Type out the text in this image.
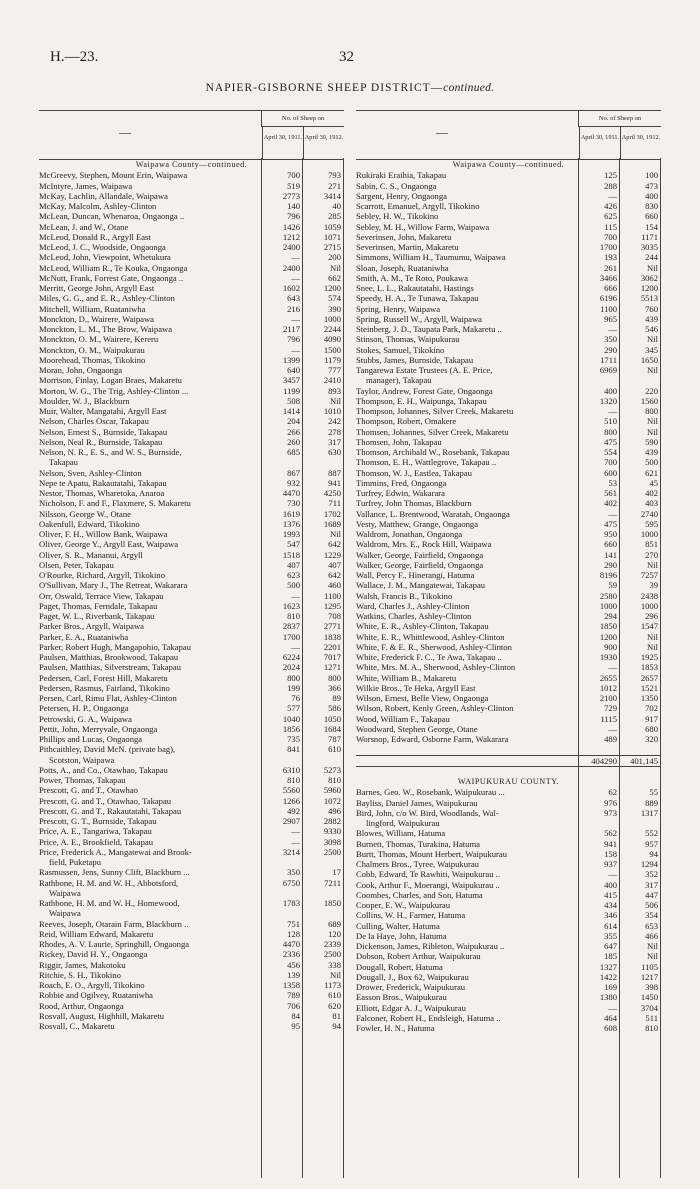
H.—23.	32
NAPIER-GISBORNE SHEEP DISTRICT—continued.
—
No. of Sheep on
April 30, 1911. April 30, 1912.
Waipawa County—continued.
McGreevy, Stephen, Mount Erin, Waipawa	700	793
McIntyre, James, Waipawa	519	271
McKay, Lachlin, Allandale, Waipawa	2773	3414
McKay, Malcolm, Ashley-Clinton	140	40
McLean, Duncan, Whenaroa, Ongaonga ..	796	285
McLean, J. and W., Otane	1426	1059
McLeod, Donald R., Argyll East	1212	1071
McLeod, J. C., Woodside, Ongaonga	2400	2715
McLeod, John, Viewpoint, Whetukura	—	200
McLeod, William R., Te Kouka, Ongaonga	2400	Nil
McNutt, Frank, Forrest Gate, Ongaonga ..	—	662
Merritt, George John, Argyll East	1602	1200
Miles, G. G., and E. R., Ashley-Clinton	643	574
Mitchell, William, Ruataniwha	216	390
Monckton, D., Wairere, Waipawa	—	1000
Monckton, L. M., The Brow, Waipawa	2117	2244
Monckton, O. M., Wairere, Kereru	796	4090
Monckton, O. M., Waipukurau	—	1500
Moorehead, Thomas, Tikokino	1399	1179
Moran, John, Ongaonga	640	777
Morrison, Finlay, Logan Braes, Makaretu	3457	2410
Morton, W. G., The Trig, Ashley-Clinton ...	1199	893
Moulder, W. J., Blackburn	508	Nil
Muir, Walter, Mangatahi, Argyll East	1414	1010
Nelson, Charles Oscar, Takapau	204	242
Nelson, Ernest S., Burnside, Takapau	266	278
Nelson, Neal R., Burnside, Takapau	260	317
Nelson, N. R., E. S., and W. S., Burnside,	685	630
Takapau
Nelson, Sven, Ashley-Clinton	867	887
Nepe te Apatu, Rakautatahi, Takapau	932	941
Nestor, Thomas, Wharetoka, Anaroa	4470	4250
Nicholson, F. and F., Flaxmere, S. Makaretu	730	711
Nilsson, George W., Otane	1619	1702
Oakenfull, Edward, Tikokino	1376	1689
Oliver, F. H., Willow Bank, Waipawa	1993	Nil
Oliver, George Y., Argyll East, Waipawa	547	642
Oliver, S. R., Mananui, Argyll	1518	1229
Olsen, Peter, Takapau	407	407
O'Rourke, Richard, Argyll, Tikokino	623	642
O'Sullivan, Mary J., The Retreat, Wakarara	500	460
Orr, Oswald, Terrace View, Takapau	—	1100
Paget, Thomas, Ferndale, Takapau	1623	1295
Paget, W. L., Riverbank, Takapau	810	708
Parker Bros., Argyll, Waipawa	2837	2771
Parker, E. A., Ruataniwha	1700	1838
Parker, Robert Hugh, Mangapohio, Takapau	—	2201
Paulsen, Matthias, Brookwood, Takapau	6224	7017
Paulsen, Matthias, Silverstream, Takapau	2024	1271
Pedersen, Carl, Forest Hill, Makaretu	800	800
Pedersen, Rasmus, Fairland, Tikokino	199	366
Persen, Carl, Rimu Flat, Ashley-Clinton	76	89
Petersen, H. P., Ongaonga	577	586
Petrowski, G. A., Waipawa	1040	1050
Pettit, John, Merryvale, Ongaonga	1856	1684
Phillips and Lucas, Ongaonga	735	787
Pithcaithley, David McN. (private bag),	841	610
Scotston, Waipawa
Potts, A., and Co., Otawhao, Takapau	6310	5273
Power, Thomas, Takapau	810	810
Prescott, G. and T., Otawhao	5560	5960
Prescott, G. and T., Otawhao, Takapau	1266	1072
Prescott, G. and T., Rakautatahi, Takapau	492	496
Prescott, G. T., Burnside, Takapau	2907	2882
Price, A. E., Tangariwa, Takapau	—	9330
Price, A. E., Brookfield, Takapau	—	3098
Price, Frederick A., Mangatewai and Brook-	3214	2500
field, Puketapu
Rasmussen, Jens, Sunny Clift, Blackburn ...	350	17
Rathbone, H. M. and W. H., Abbotsford,	6750	7211
Waipawa
Rathbone, H. M. and W. H., Homewood,	1783	1850
Waipawa
Reeves, Joseph, Otarain Farm, Blackburn ..	751	689
Reid, William Edward, Makaretu	128	120
Rhodes, A. V. Laurie, Springhill, Ongaonga	4470	2339
Rickey, David H. Y., Ongaonga	2336	2500
Riggir, James, Makotoku	456	338
Ritchie, S. H., Tikokino	139	Nil
Roach, E. O., Argyll, Tikokino	1358	1173
Robbie and Ogilvey, Ruataniwha	789	610
Rood, Arthur, Ongaonga	706	620
Rosvall, August, Highhill, Makaretu	84	81
Rosvall, C., Makaretu	95	94
—
No. of Sheep on
April 30, 1911. April 30, 1912.
Waipawa County—continued.
Rukiraki Eraihia, Takapau	125	100
Sabin, C. S., Ongaonga	288	473
Sargent, Henry, Ongaonga	—	400
Scarrott, Emanuel, Argyll, Tikokino	426	830
Sebley, H. W., Tikokino	625	660
Sebley, M. H., Willow Farm, Waipawa	115	154
Severinsen, John, Makaretu	700	1171
Severinsen, Martin, Makaretu	1700	3035
Simmons, William H., Taumumu, Waipawa	193	244
Sloan, Joseph, Ruataniwha	261	Nil
Smith, A. M., Te Roto, Poukawa	3466	3062
Snee, L. L., Rakautatahi, Hastings	666	1200
Speedy, H. A., Te Tunawa, Takapau	6196	5513
Spring, Henry, Waipawa	1100	760
Spring, Russell W., Argyll, Waipawa	965	439
Steinberg, J. D., Taupata Park, Makaretu ..	—	546
Stinson, Thomas, Waipukurau	350	Nil
Stokes, Samuel, Tikokino	290	345
Stubbs, James, Burnside, Takapau	1711	1650
Tangarewa Estate Trustees (A. E. Price,	6969	Nil
manager), Takapau
Taylor, Andrew, Forest Gate, Ongaonga	400	220
Thompson, E. H., Waipunga, Takapau	1320	1560
Thompson, Johannes, Silver Creek, Makaretu	—	800
Thompson, Robert, Omakere	510	Nil
Thomsen, Johannes, Silver Creek, Makaretu	800	Nil
Thomsen, John, Takapau	475	590
Thomson, Archibald W., Rosebank, Takapau	554	439
Thomson, E. H., Wattlegrove, Takapau ..	700	500
Thomson, W. J., Eastlea, Takapau	600	621
Timmins, Fred, Ongaonga	53	45
Turfrey, Edwin, Wakarara	561	402
Turfrey, John Thomas, Blackburn	402	403
Vallance, L. Brentwood, Waratah, Ongaonga	—	2740
Vesty, Matthew, Grange, Ongaonga	475	595
Waldrom, Jonathan, Ongaonga	950	1000
Waldrom, Mrs. E., Rock Hill, Waipawa	660	851
Walker, George, Fairfield, Ongaonga	141	270
Walker, George, Fairfield, Ongaonga	290	Nil
Wall, Percy F., Hinerangi, Hatuma	8196	7257
Wallace, J. M., Mangatewai, Takapau	59	39
Walsh, Francis B., Tikokino	2580	2438
Ward, Charles J., Ashley-Clinton	1000	1000
Watkins, Charles, Ashley-Clinton	294	296
White, E. R., Ashley-Clinton, Takapau	1850	1547
White, E. R., Whittlewood, Ashley-Clinton	1200	Nil
White, F. & E. R., Sherwood, Ashley-Clinton	900	Nil
White, Frederick F. C., Te Awa, Takapau ..	1930	1925
White, Mrs. M. A., Sherwood, Ashley-Clinton	—	1853
White, William B., Makaretu	2655	2657
Wilkie Bros., Te Heka, Argyll East	1012	1521
Wilson, Ernest, Belle View, Ongaonga	2100	1350
Wilson, Robert, Kenly Green, Ashley-Clinton	729	702
Wood, William F., Takapau	1115	917
Woodward, Stephen George, Otane	—	680
Worsnop, Edward, Osborne Farm, Wakarara	489	320
404290	401,145
WAIPUKURAU COUNTY.
Barnes, Geo. W., Rosebank, Waipukurau ...	62	55
Bayliss, Daniel James, Waipukurau	976	889
Bird, John, c/o W. Bird, Woodlands, Wal-	973	1317
lingford, Waipukurau
Blowes, William, Hatuma	562	552
Burnett, Thomas, Turakina, Hatuma	941	957
Burtt, Thomas, Mount Herbert, Waipukurau	158	94
Chalmers Bros., Tyree, Waipukurau	937	1294
Cobb, Edward, Te Rawhiti, Waipukurau ..	—	352
Cook, Arthur F., Moerangi, Waipukurau ..	400	317
Coombes, Charles, and Son, Hatuma	415	447
Cooper, E. W., Waipukurau	434	506
Collins, W. H., Farmer, Hatuma	346	354
Culling, Walter, Hatuma	614	653
De la Haye, John, Hatuma	355	466
Dickenson, James, Ribleton, Waipukurau ..	647	Nil
Dobson, Robert Arthur, Waipukurau	185	Nil
Dougall, Robert, Hatuma	1327	1105
Dougall, J., Box 62, Waipukurau	1422	1217
Drower, Frederick, Waipukurau	169	398
Easson Bros., Waipukurau	1380	1450
Elliott, Edgar A. J., Waipukurau	—	3704
Falconer, Robert H., Endsleigh, Hatuma ..	464	511
Fowler, H. N., Hatuma	608	810
